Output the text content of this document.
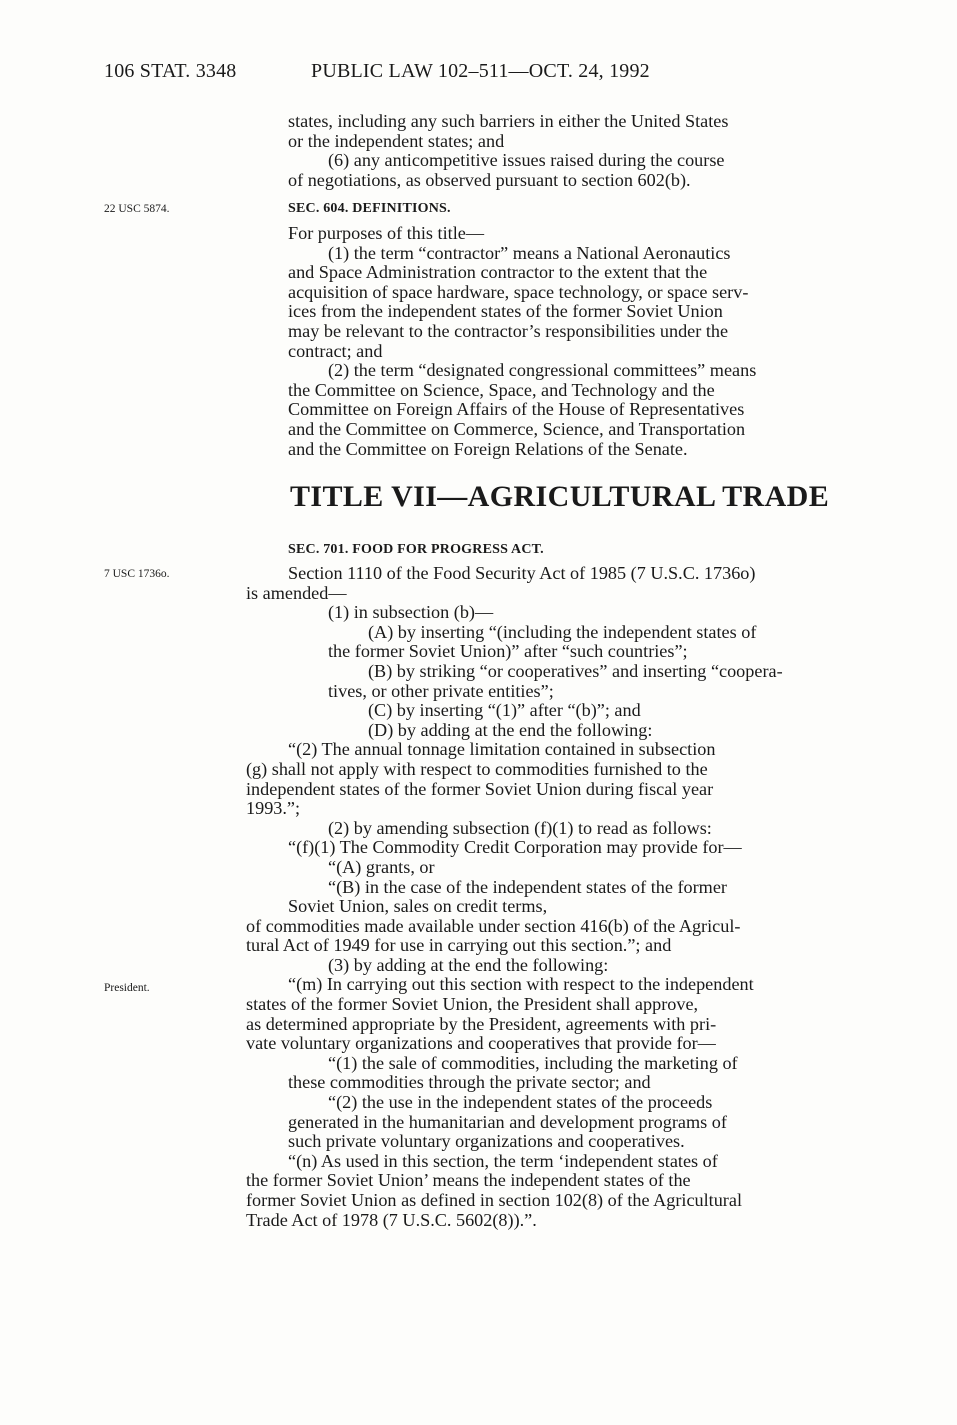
106 STAT. 3348	PUBLIC LAW 102–511—OCT. 24, 1992

states, including any such barriers in either the United States

or the independent states; and

(6) any anticompetitive issues raised during the course

of negotiations, as observed pursuant to section 602(b).

22 USC 5874.	SEC. 604. DEFINITIONS.

For purposes of this title—

(1) the term “contractor” means a National Aeronautics

and Space Administration contractor to the extent that the

acquisition of space hardware, space technology, or space serv-

ices from the independent states of the former Soviet Union

may be relevant to the contractor’s responsibilities under the

contract; and

(2) the term “designated congressional committees” means

the Committee on Science, Space, and Technology and the

Committee on Foreign Affairs of the House of Representatives

and the Committee on Commerce, Science, and Transportation

and the Committee on Foreign Relations of the Senate.

TITLE VII—AGRICULTURAL TRADE
SEC. 701. FOOD FOR PROGRESS ACT.
7 USC 1736o.	Section 1110 of the Food Security Act of 1985 (7 U.S.C. 1736o)

is amended—

(1) in subsection (b)—

(A) by inserting “(including the independent states of

the former Soviet Union)” after “such countries”;

(B) by striking “or cooperatives” and inserting “coopera-

tives, or other private entities”;

(C) by inserting “(1)” after “(b)”; and

(D) by adding at the end the following:

“(2) The annual tonnage limitation contained in subsection

(g) shall not apply with respect to commodities furnished to the

independent states of the former Soviet Union during fiscal year

1993.”;

(2) by amending subsection (f)(1) to read as follows:

“(f)(1) The Commodity Credit Corporation may provide for—

“(A) grants, or

“(B) in the case of the independent states of the former

Soviet Union, sales on credit terms,

of commodities made available under section 416(b) of the Agricul-

tural Act of 1949 for use in carrying out this section.”; and

(3) by adding at the end the following:

“(m) In carrying out this section with respect to the independent

states of the former Soviet Union, the President shall approve,

as determined appropriate by the President, agreements with pri-

vate voluntary organizations and cooperatives that provide for—

“(1) the sale of commodities, including the marketing of

these commodities through the private sector; and

“(2) the use in the independent states of the proceeds

generated in the humanitarian and development programs of

such private voluntary organizations and cooperatives.

“(n) As used in this section, the term ‘independent states of

the former Soviet Union’ means the independent states of the

former Soviet Union as defined in section 102(8) of the Agricultural

Trade Act of 1978 (7 U.S.C. 5602(8)).”.

President.
